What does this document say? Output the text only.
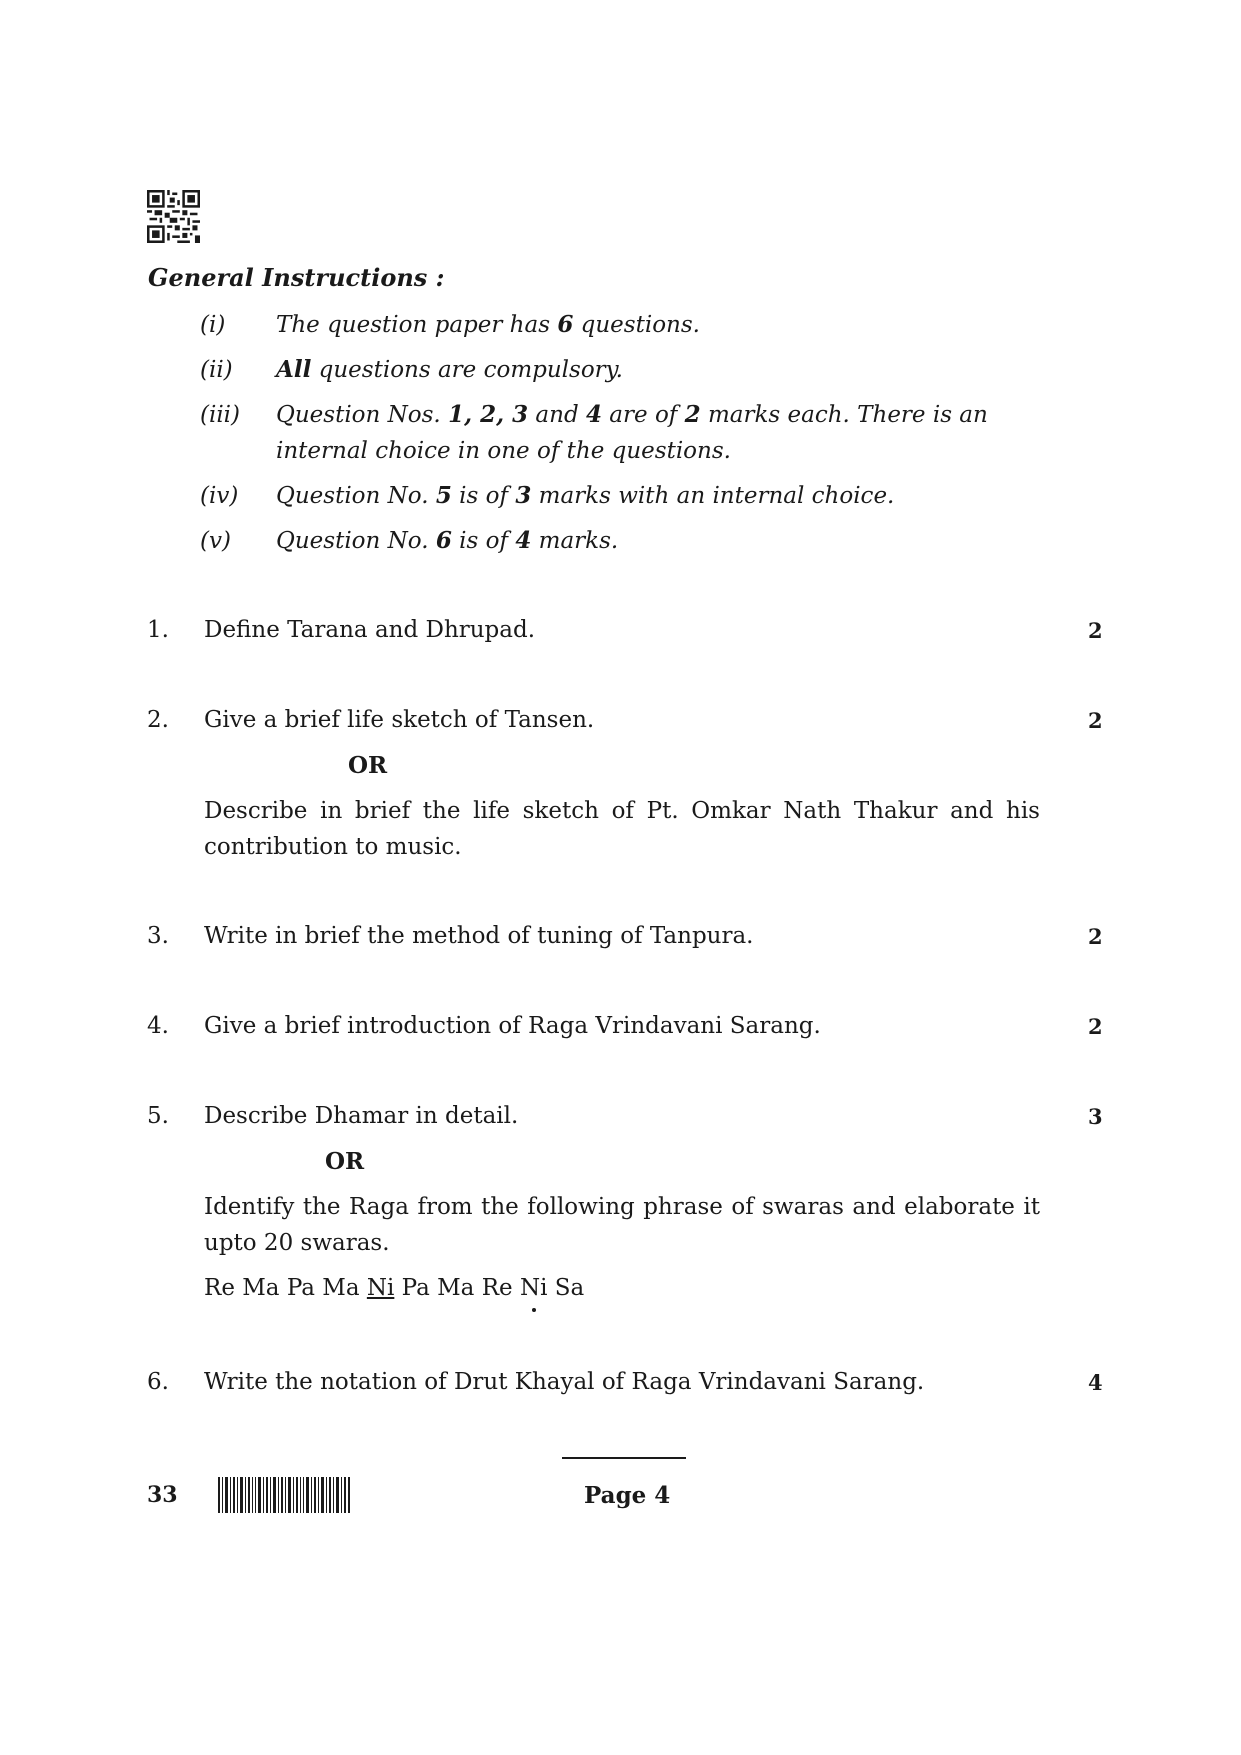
General Instructions :
(i) The question paper has 6 questions.
(ii) All questions are compulsory.
(iii) Question Nos. 1, 2, 3 and 4 are of 2 marks each. There is an internal choice in one of the questions.
(iv) Question No. 5 is of 3 marks with an internal choice.
(v) Question No. 6 is of 4 marks.
1. Define Tarana and Dhrupad.	2
2. Give a brief life sketch of Tansen.	2
OR
Describe in brief the life sketch of Pt. Omkar Nath Thakur and his contribution to music.
3. Write in brief the method of tuning of Tanpura.	2
4. Give a brief introduction of Raga Vrindavani Sarang.	2
5. Describe Dhamar in detail.	3
OR
Identify the Raga from the following phrase of swaras and elaborate it upto 20 swaras.
Re Ma Pa Ma Ni Pa Ma Re Ni Sa
6. Write the notation of Drut Khayal of Raga Vrindavani Sarang.	4
33	Page 4
